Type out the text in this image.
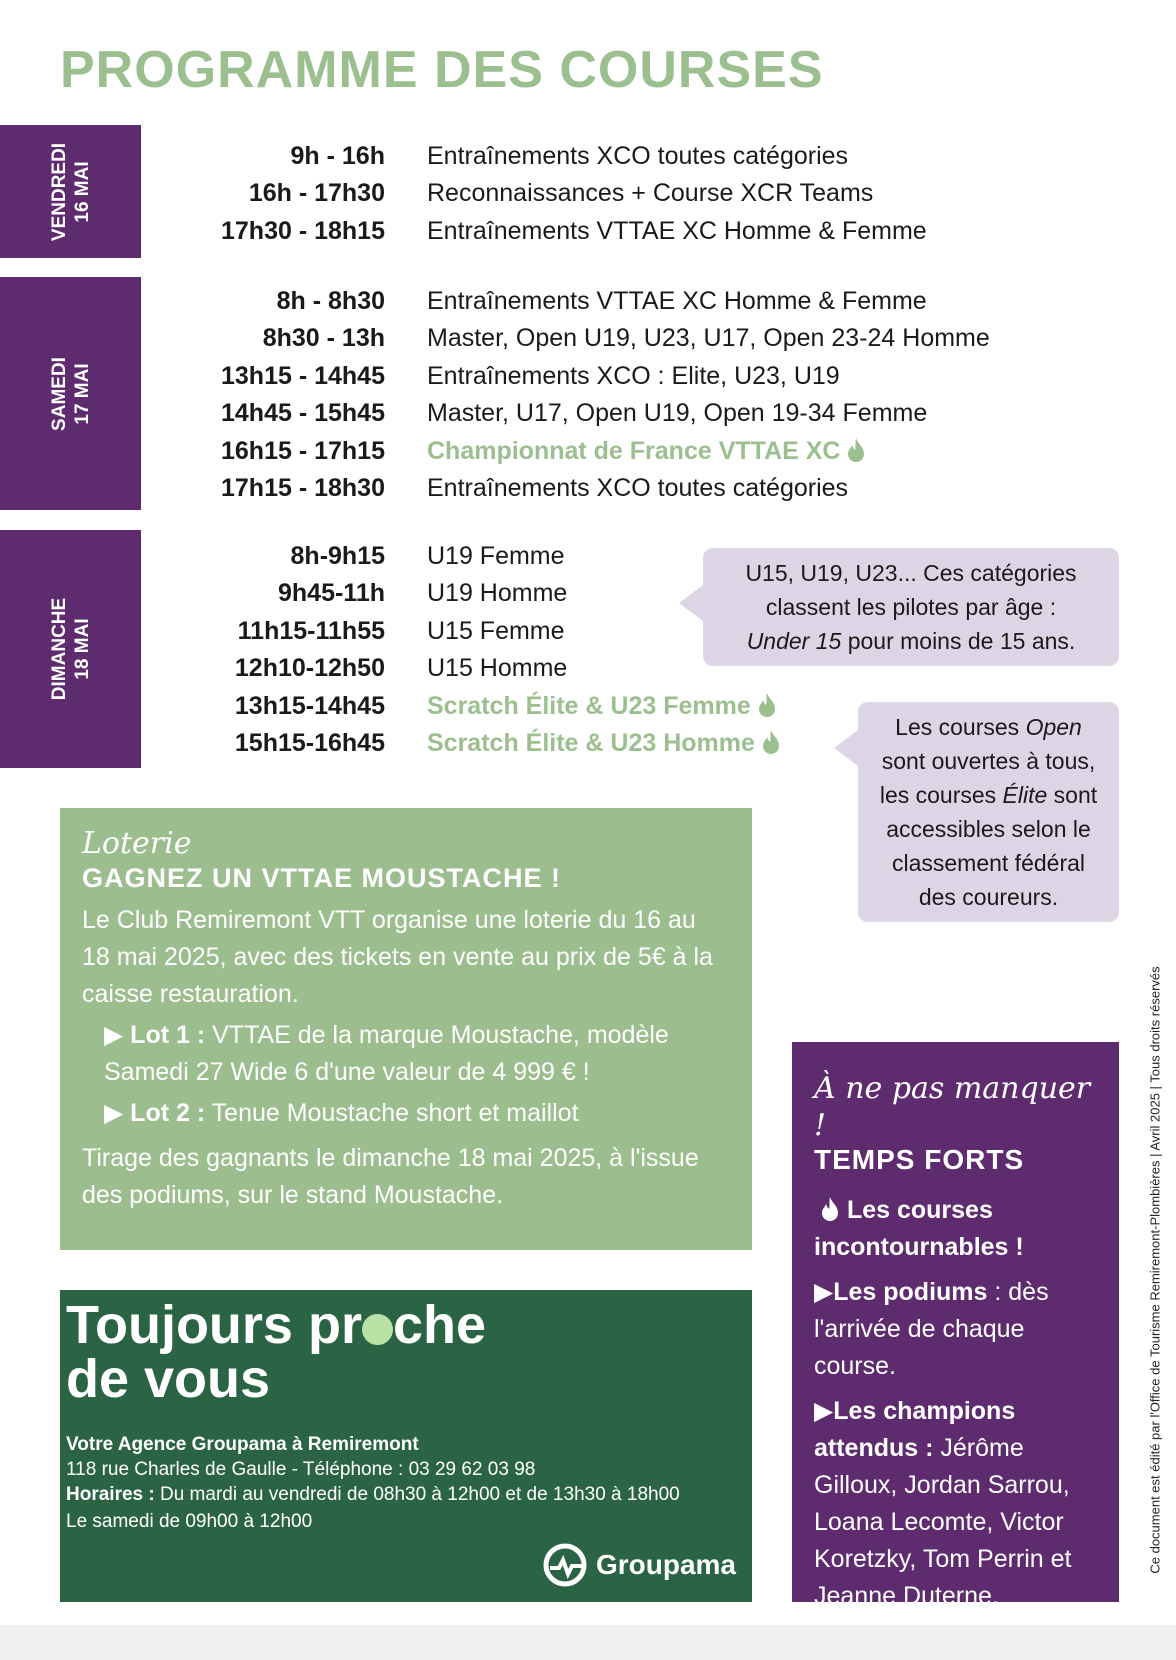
PROGRAMME DES COURSES
VENDREDI 16 MAI
9h - 16h Entraînements XCO toutes catégories
16h - 17h30 Reconnaissances + Course XCR Teams
17h30 - 18h15 Entraînements VTTAE XC Homme & Femme
SAMEDI 17 MAI
8h - 8h30 Entraînements VTTAE XC Homme & Femme
8h30 - 13h Master, Open U19, U23, U17, Open 23-24 Homme
13h15 - 14h45 Entraînements XCO : Elite, U23, U19
14h45 - 15h45 Master, U17, Open U19, Open 19-34 Femme
16h15 - 17h15 Championnat de France VTTAE XC
17h15 - 18h30 Entraînements XCO toutes catégories
DIMANCHE 18 MAI
8h-9h15 U19 Femme
9h45-11h U19 Homme
11h15-11h55 U15 Femme
12h10-12h50 U15 Homme
13h15-14h45 Scratch Élite & U23 Femme
15h15-16h45 Scratch Élite & U23 Homme
U15, U19, U23... Ces catégories
classent les pilotes par âge :
Under 15 pour moins de 15 ans.
Les courses Open
sont ouvertes à tous,
les courses Élite sont
accessibles selon le
classement fédéral
des coureurs.
Loterie
GAGNEZ UN VTTAE MOUSTACHE !

Le Club Remiremont VTT organise une loterie du 16 au 18 mai 2025, avec des tickets en vente au prix de 5€ à la caisse restauration.

▶ Lot 1 : VTTAE de la marque Moustache, modèle Samedi 27 Wide 6 d'une valeur de 4 999 € !

▶ Lot 2 : Tenue Moustache short et maillot

Tirage des gagnants le dimanche 18 mai 2025, à l'issue des podiums, sur le stand Moustache.

Toujours pr che
de vous
Votre Agence Groupama à Remiremont
118 rue Charles de Gaulle - Téléphone : 03 29 62 03 98
Horaires : Du mardi au vendredi de 08h30 à 12h00 et de 13h30 à 18h00
Le samedi de 09h00 à 12h00
Groupama
À ne pas manquer !
TEMPS FORTS

Les courses incontournables !

▶Les podiums : dès l'arrivée de chaque course.

▶Les champions attendus : Jérôme Gilloux, Jordan Sarrou, Loana Lecomte, Victor Koretzky, Tom Perrin et Jeanne Duterne.

Ce document est édité par l'Office de Tourisme Remiremont-Plombières | Avril 2025 | Tous droits réservés
